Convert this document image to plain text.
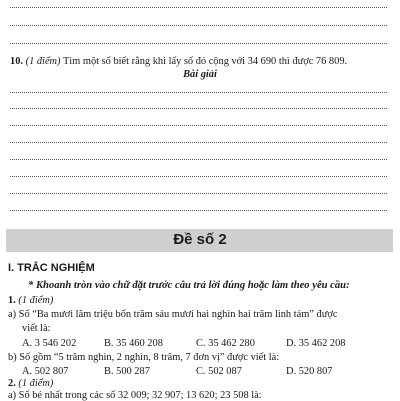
10. (1 điểm) Tìm một số biết rằng khi lấy số đó cộng với 34 690 thì được 76 809.
Bài giải
Đề số 2
I. TRẮC NGHIỆM
* Khoanh tròn vào chữ đặt trước câu trả lời đúng hoặc làm theo yêu cầu:
1. (1 điểm)
a) Số “Ba mươi lăm triệu bốn trăm sáu mươi hai nghìn hai trăm linh tám” được
viết là:
A. 3 546 202	B. 35 460 208	C. 35 462 280	D. 35 462 208
b) Số gồm “5 trăm nghìn, 2 nghìn, 8 trăm, 7 đơn vị” được viết là:
A. 502 807	B. 500 287	C. 502 087	D. 520 807
2. (1 điểm)
a) Số bé nhất trong các số 32 009; 32 907; 13 620; 23 508 là:
